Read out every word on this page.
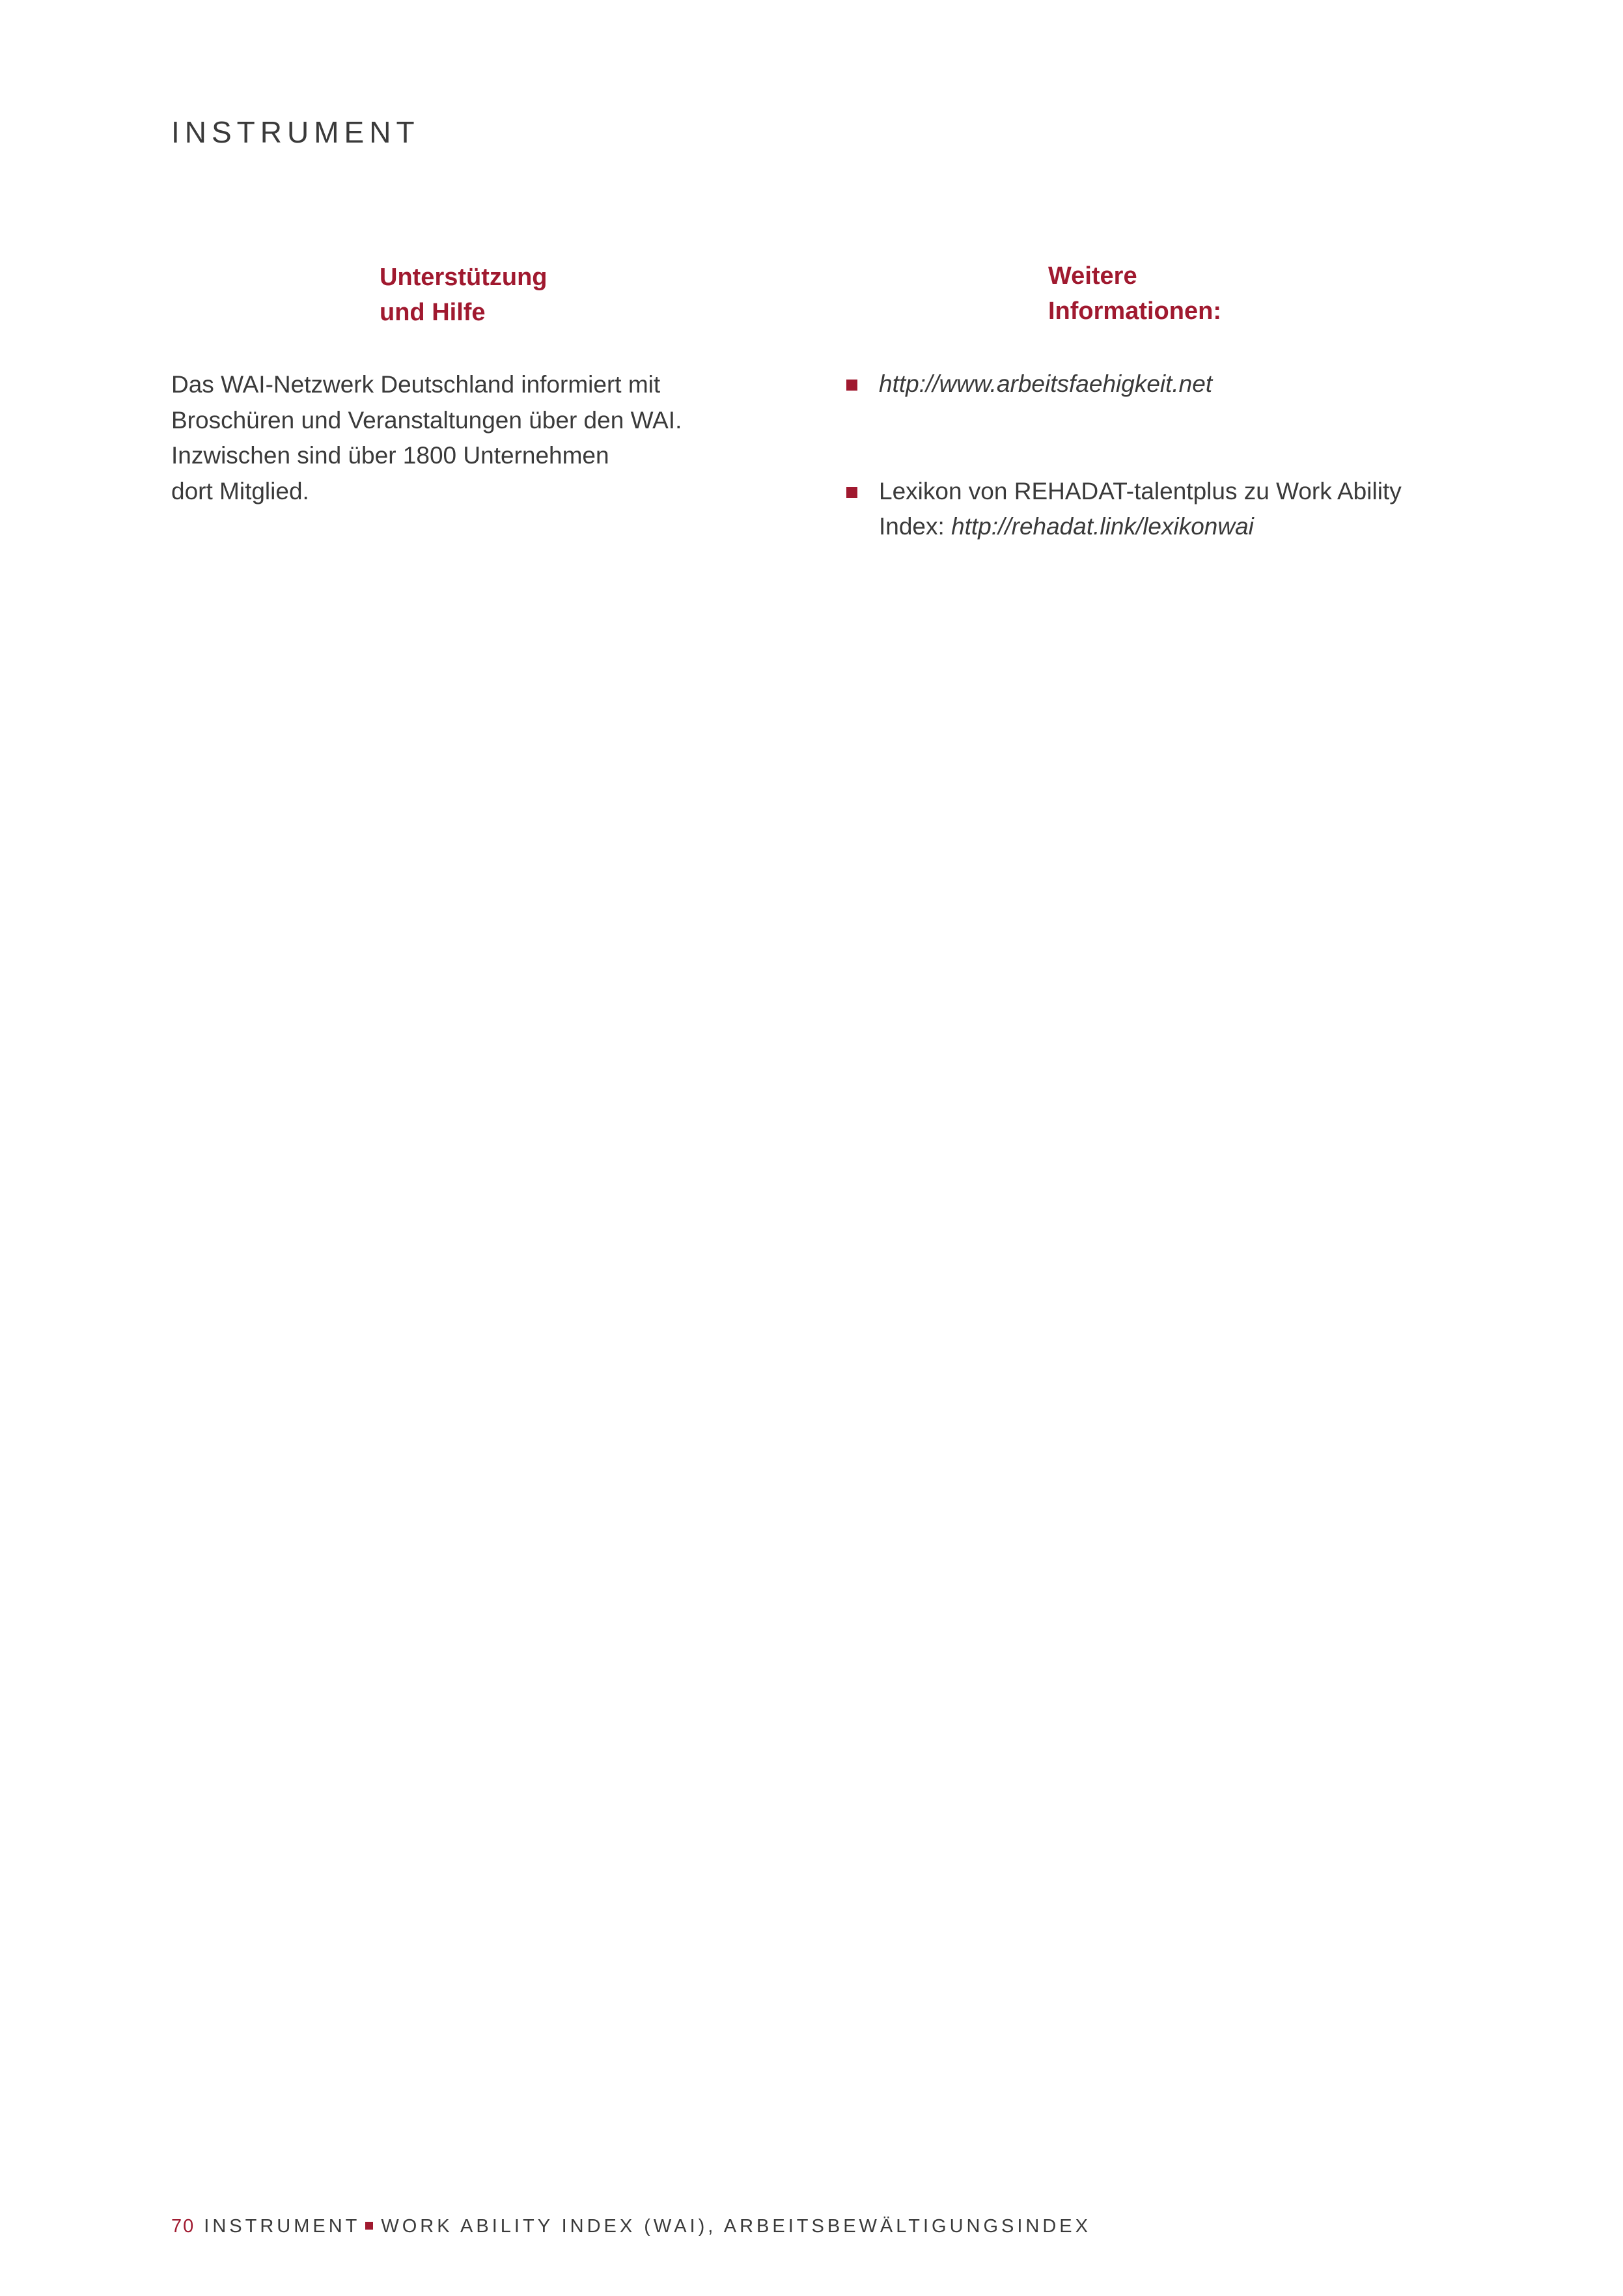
INSTRUMENT
Unterstützung
und Hilfe

Das WAI-Netzwerk Deutschland informiert mit
Broschüren und Veranstaltungen über den WAI.
Inzwischen sind über 1800 Unternehmen
dort Mitglied.

Weitere
Informationen:
http://www.arbeitsfaehigkeit.net
Lexikon von REHADAT-talentplus zu Work Ability
Index: http://rehadat.link/lexikonwai
70 INSTRUMENT WORK ABILITY INDEX (WAI), ARBEITSBEWÄLTIGUNGSINDEX
